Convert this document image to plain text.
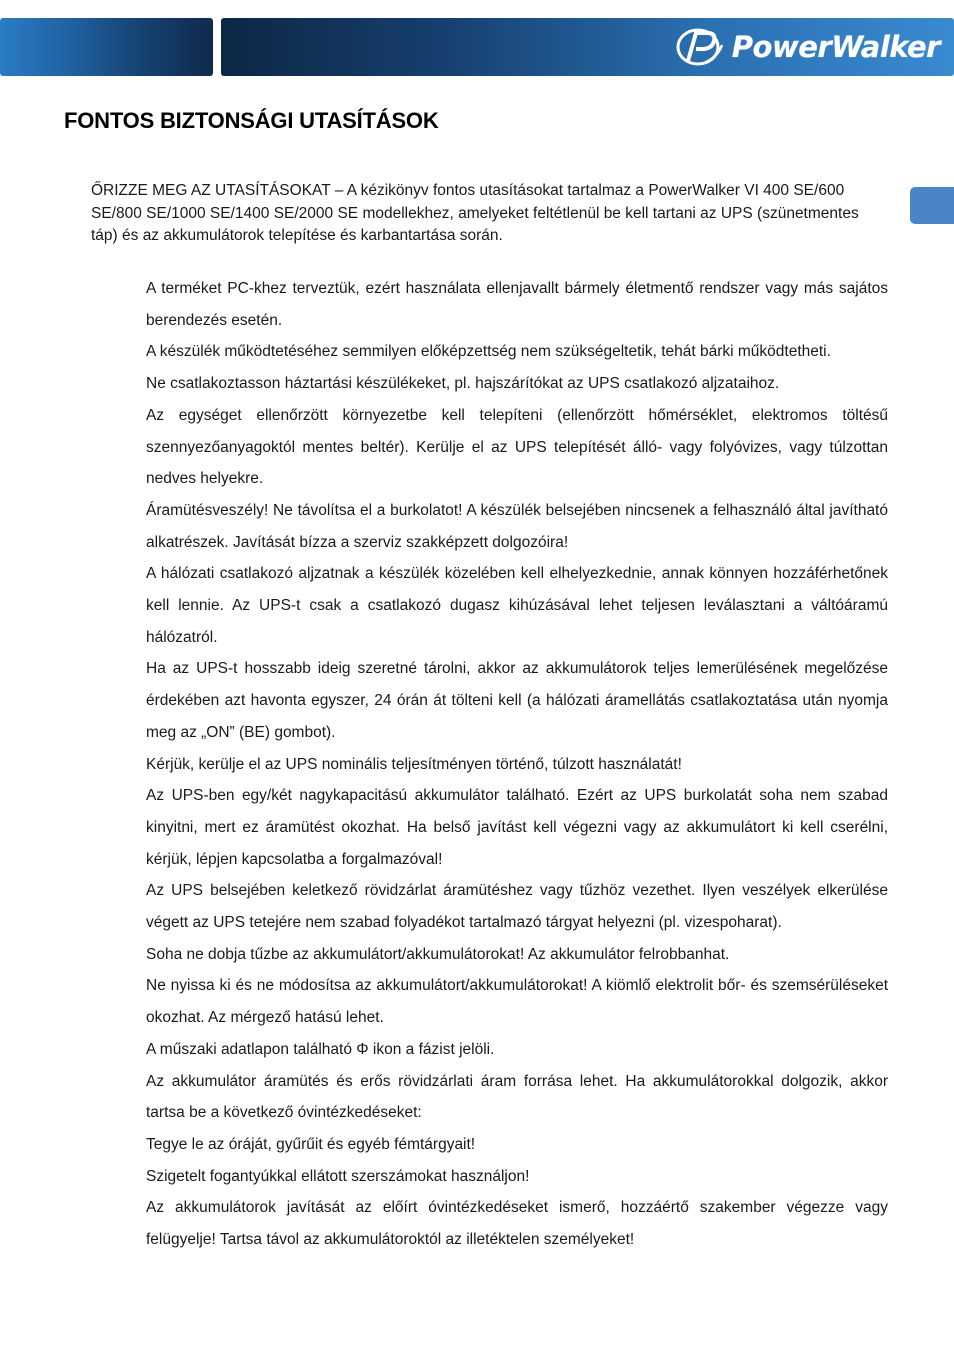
PowerWalker
FONTOS BIZTONSÁGI UTASÍTÁSOK

ŐRIZZE MEG AZ UTASÍTÁSOKAT – A kézikönyv fontos utasításokat tartalmaz a PowerWalker VI 400 SE/600 SE/800 SE/1000 SE/1400 SE/2000 SE modellekhez, amelyeket feltétlenül be kell tartani az UPS (szünetmentes táp) és az akkumulátorok telepítése és karbantartása során.

A terméket PC-khez terveztük, ezért használata ellenjavallt bármely életmentő rendszer vagy más sajátos berendezés esetén.

A készülék működtetéséhez semmilyen előképzettség nem szükségeltetik, tehát bárki működtetheti.

Ne csatlakoztasson háztartási készülékeket, pl. hajszárítókat az UPS csatlakozó aljzataihoz.

Az egységet ellenőrzött környezetbe kell telepíteni (ellenőrzött hőmérséklet, elektromos töltésű szennyezőanyagoktól mentes beltér). Kerülje el az UPS telepítését álló- vagy folyóvizes, vagy túlzottan nedves helyekre.

Áramütésveszély! Ne távolítsa el a burkolatot! A készülék belsejében nincsenek a felhasználó által javítható alkatrészek. Javítását bízza a szerviz szakképzett dolgozóira!

A hálózati csatlakozó aljzatnak a készülék közelében kell elhelyezkednie, annak könnyen hozzáférhetőnek kell lennie. Az UPS-t csak a csatlakozó dugasz kihúzásával lehet teljesen leválasztani a váltóáramú hálózatról.

Ha az UPS-t hosszabb ideig szeretné tárolni, akkor az akkumulátorok teljes lemerülésének megelőzése érdekében azt havonta egyszer, 24 órán át tölteni kell (a hálózati áramellátás csatlakoztatása után nyomja meg az „ON” (BE) gombot).

Kérjük, kerülje el az UPS nominális teljesítményen történő, túlzott használatát!

Az UPS-ben egy/két nagykapacitású akkumulátor található. Ezért az UPS burkolatát soha nem szabad kinyitni, mert ez áramütést okozhat. Ha belső javítást kell végezni vagy az akkumulátort ki kell cserélni, kérjük, lépjen kapcsolatba a forgalmazóval!

Az UPS belsejében keletkező rövidzárlat áramütéshez vagy tűzhöz vezethet. Ilyen veszélyek elkerülése végett az UPS tetejére nem szabad folyadékot tartalmazó tárgyat helyezni (pl. vizespoharat).

Soha ne dobja tűzbe az akkumulátort/akkumulátorokat! Az akkumulátor felrobbanhat.

Ne nyissa ki és ne módosítsa az akkumulátort/akkumulátorokat! A kiömlő elektrolit bőr- és szemsérüléseket okozhat. Az mérgező hatású lehet.

A műszaki adatlapon található Φ ikon a fázist jelöli.

Az akkumulátor áramütés és erős rövidzárlati áram forrása lehet. Ha akkumulátorokkal dolgozik, akkor tartsa be a következő óvintézkedéseket:

Tegye le az óráját, gyűrűit és egyéb fémtárgyait!

Szigetelt fogantyúkkal ellátott szerszámokat használjon!

Az akkumulátorok javítását az előírt óvintézkedéseket ismerő, hozzáértő szakember végezze vagy felügyelje! Tartsa távol az akkumulátoroktól az illetéktelen személyeket!
